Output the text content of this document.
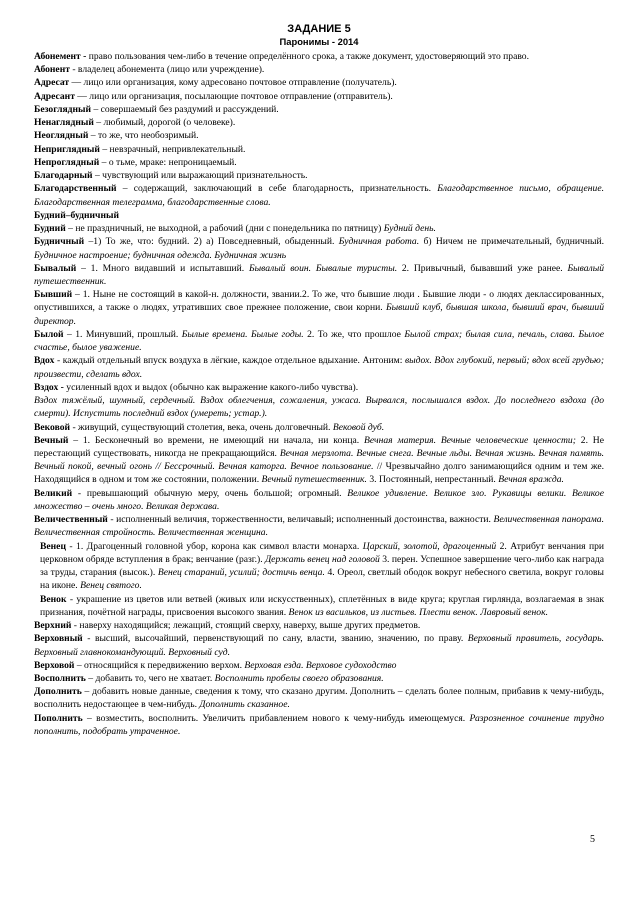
ЗАДАНИЕ 5
Паронимы - 2014

Абонемент - право пользования чем-либо в течение определённого срока, а также документ, удостоверяющий это право.

Абонент - владелец абонемента (лицо или учреждение).

Адресат — лицо или организация, кому адресовано почтовое отправление (получатель).

Адресант — лицо или организация, посылающие почтовое отправление (отправитель).

Безоглядный – совершаемый без раздумий и рассуждений.

Ненаглядный – любимый, дорогой (о человеке).

Неоглядный – то же, что необозримый.

Неприглядный – невзрачный, непривлекательный.

Непроглядный – о тьме, мраке: непроницаемый.

Благодарный – чувствующий или выражающий признательность.

Благодарственный – содержащий, заключающий в себе благодарность, признательность. Благодарственное письмо, обращение. Благодарственная телеграмма, благодарственные слова.

Будний–будничный

Будний – не праздничный, не выходной, а рабочий (дни с понедельника по пятницу) Будний день.

Будничный –1) То же, что: будний. 2) а) Повседневный, обыденный. Будничная работа. б) Ничем не примечательный, будничный. Будничное настроение; будничная одежда. Будничная жизнь

Бывалый – 1. Много видавший и испытавший. Бывалый воин. Бывалые туристы. 2. Привычный, бывавший уже ранее. Бывалый путешественник.

Бывший – 1. Ныне не состоящий в какой-н. должности, звании.2. То же, что бывшие люди . Бывшие люди - о людях деклассированных, опустившихся, а также о людях, утративших свое прежнее положение, свои корни. Бывший клуб, бывшая школа, бывший врач, бывший директор.

Былой – 1. Минувший, прошлый. Былые времена. Былые годы. 2. То же, что прошлое Былой страх; былая сила, печаль, слава. Былое счастье, былое уважение.

Вдох - каждый отдельный впуск воздуха в лёгкие, каждое отдельное вдыхание. Антоним: выдох. Вдох глубокий, первый; вдох всей грудью; произвести, сделать вдох.

Вздох - усиленный вдох и выдох (обычно как выражение какого-либо чувства).

Вздох тяжёлый, шумный, сердечный. Вздох облегчения, сожаления, ужаса. Вырвался, послышался вздох. До последнего вздоха (до смерти). Испустить последний вздох (умереть; устар.).

Вековой - живущий, существующий столетия, века, очень долговечный. Вековой дуб.

Вечный – 1. Бесконечный во времени, не имеющий ни начала, ни конца. Вечная материя. Вечные человеческие ценности; 2. Не перестающий существовать, никогда не прекращающийся. Вечная мерзлота. Вечные снега. Вечные льды. Вечная жизнь. Вечная память. Вечный покой, вечный огонь // Бессрочный. Вечная каторга. Вечное пользование. // Чрезвычайно долго занимающийся одним и тем же. Находящийся в одном и том же состоянии, положении. Вечный путешественник. 3. Постоянный, непрестанный. Вечная вражда.

Великий - превышающий обычную меру, очень большой; огромный. Великое удивление. Великое зло. Рукавицы велики. Великое множество – очень много. Великая держава.

Величественный - исполненный величия, торжественности, величавый; исполненный достоинства, важности. Величественная панорама. Величественная стройность. Величественная женщина.

Венец - 1. Драгоценный головной убор, корона как символ власти монарха. Царский, золотой, драгоценный 2. Атрибут венчания при церковном обряде вступления в брак; венчание (разг.). Держать венец над головой 3. перен. Успешное завершение чего-либо как награда за труды, старания (высок.). Венец стараний, усилий; достичь венца. 4. Ореол, светлый ободок вокруг небесного светила, вокруг головы на иконе. Венец святого.

Венок - украшение из цветов или ветвей (живых или искусственных), сплетённых в виде круга; круглая гирлянда, возлагаемая в знак признания, почётной награды, присвоения высокого звания. Венок из васильков, из листьев. Плести венок. Лавровый венок.

Верхний - наверху находящийся; лежащий, стоящий сверху, наверху, выше других предметов.

Верховный - высший, высочайший, первенствующий по сану, власти, званию, значению, по праву. Верховный правитель, государь. Верховный главнокомандующий. Верховный суд.

Верховой – относящийся к передвижению верхом. Верховая езда. Верховое судоходство

Восполнить – добавить то, чего не хватает. Восполнить пробелы своего образования.

Дополнить – добавить новые данные, сведения к тому, что сказано другим. Дополнить – сделать более полным, прибавив к чему-нибудь, восполнить недостающее в чем-нибудь. Дополнить сказанное.

Пополнить – возместить, восполнить. Увеличить прибавлением нового к чему-нибудь имеющемуся. Разрозненное сочинение трудно пополнить, подобрать утраченное.

5
